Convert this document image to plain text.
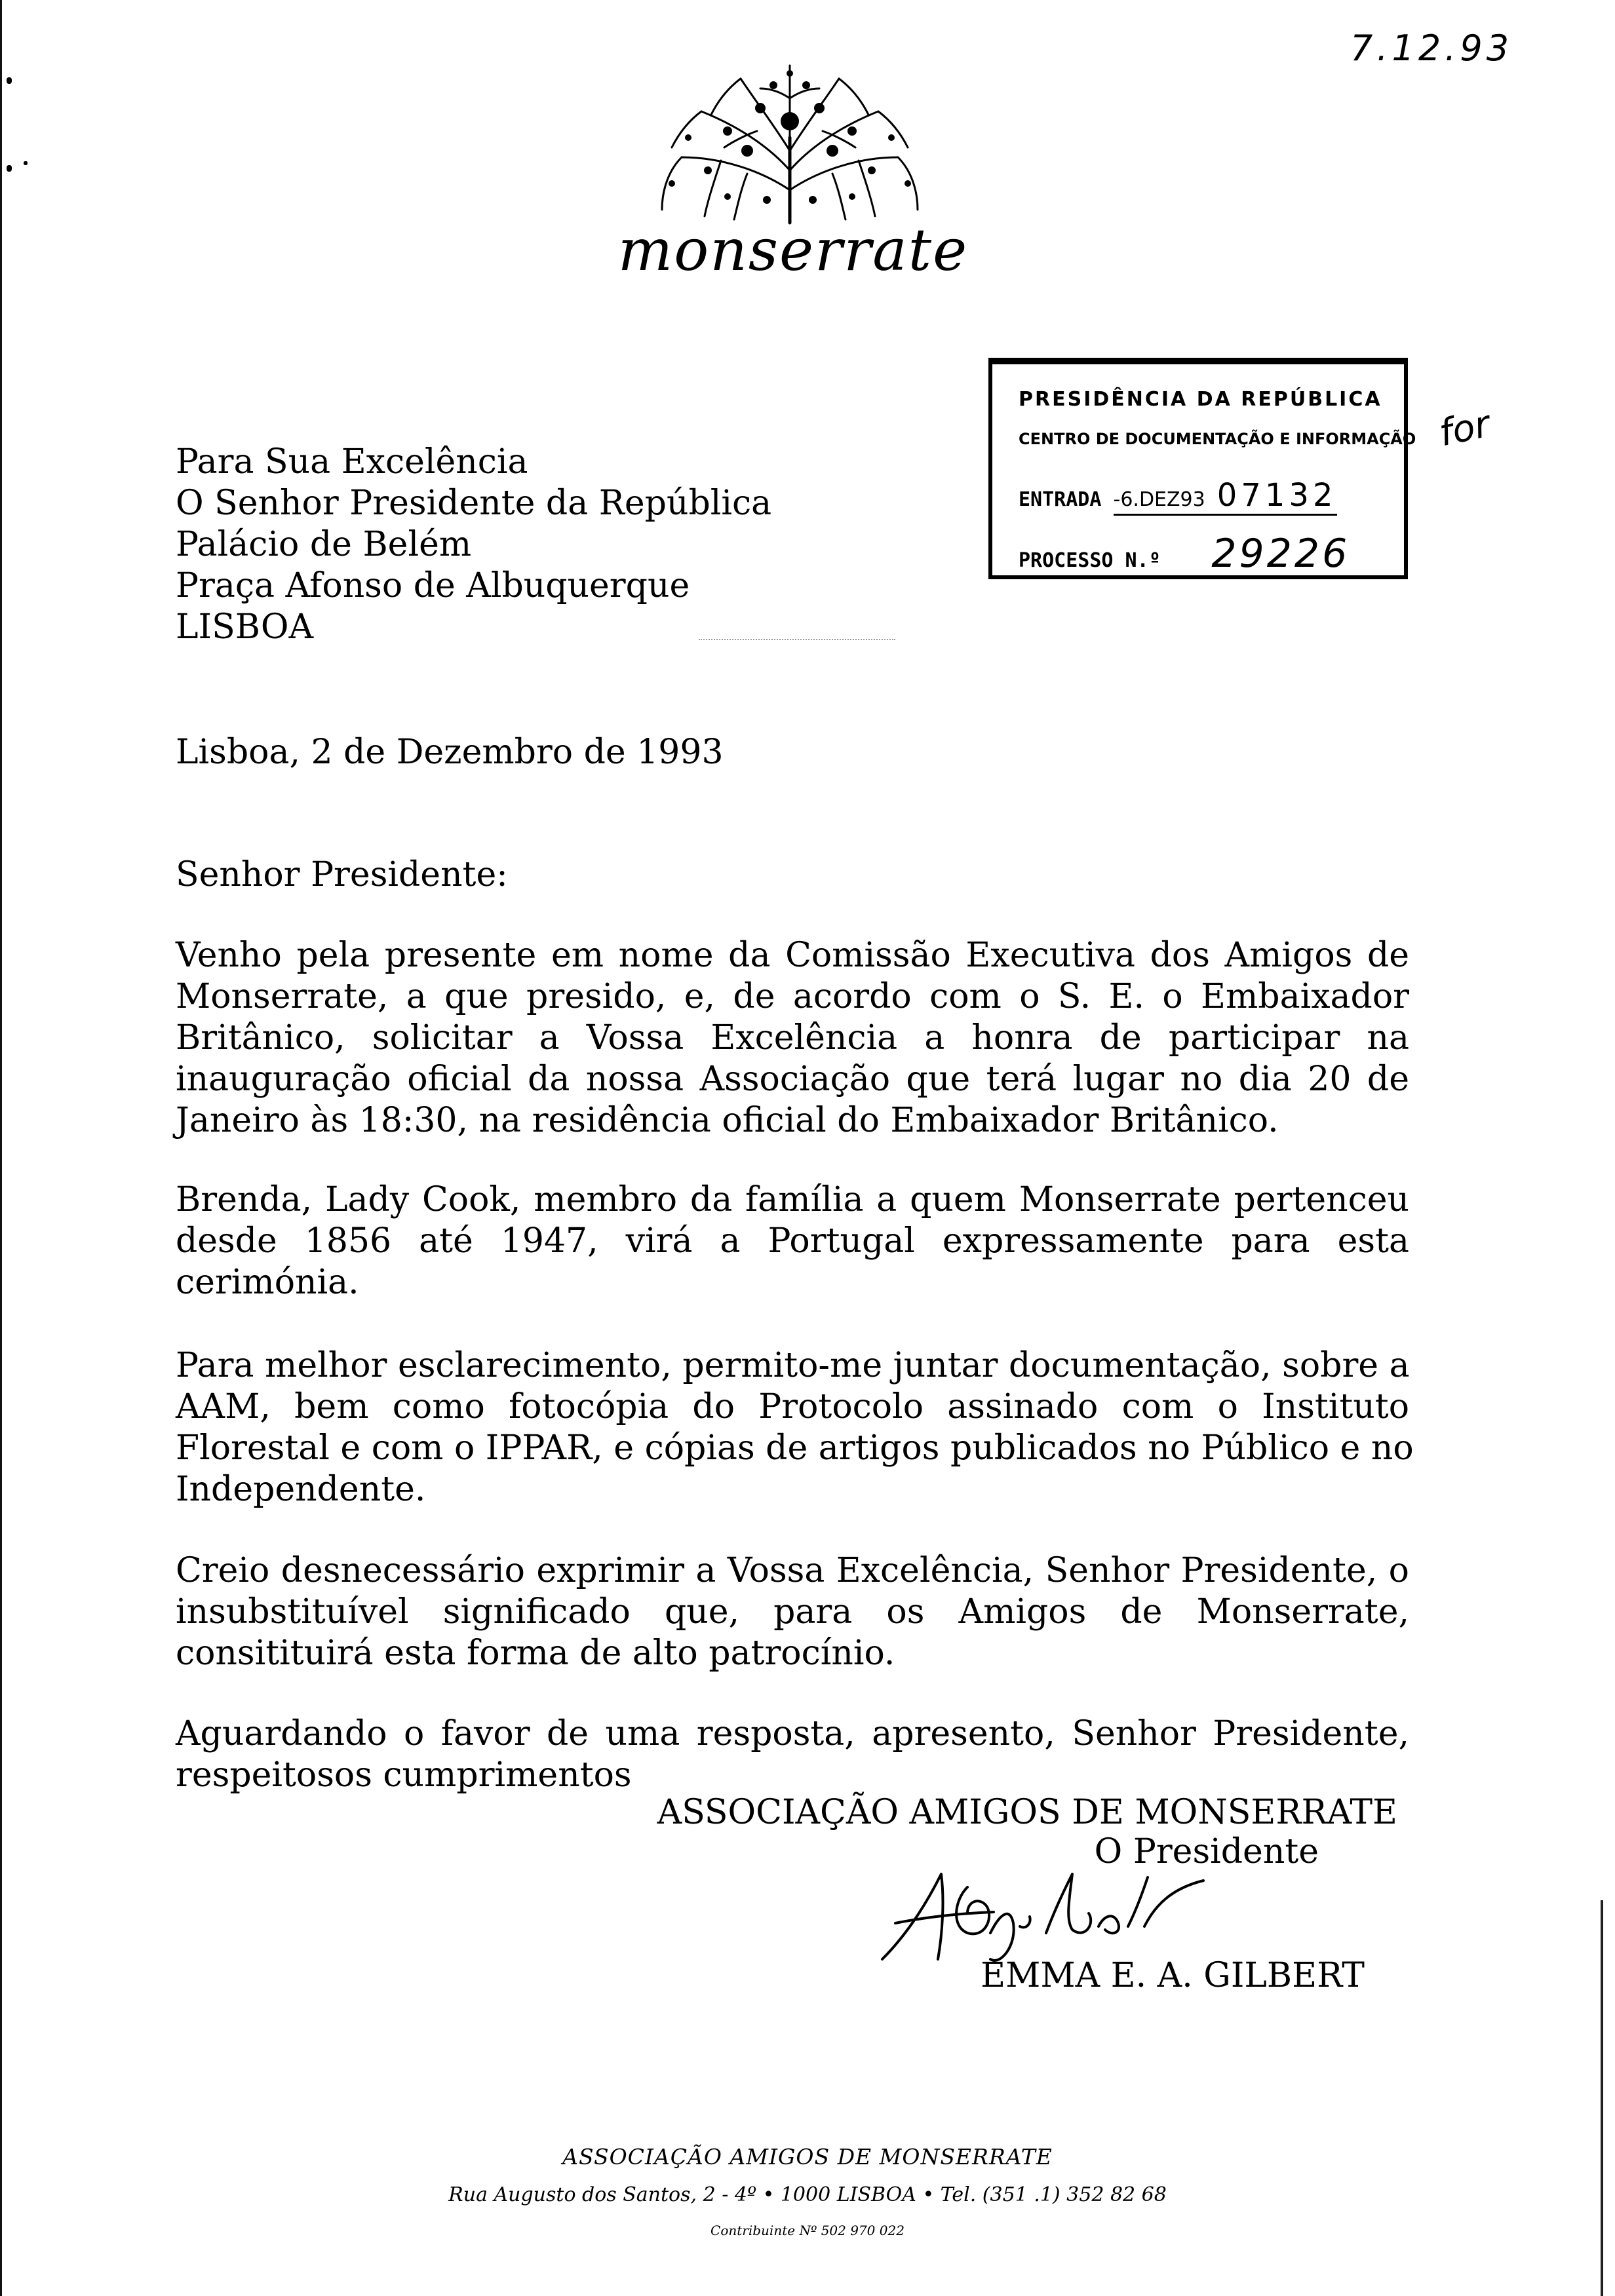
7.12.93
monserrate
PRESIDÊNCIA DA REPÚBLICA
CENTRO DE DOCUMENTAÇÃO E INFORMAÇÃO
ENTRADA -6.DEZ93 07132
PROCESSO N.º 29226
for
Para Sua Excelência
O Senhor Presidente da República
Palácio de Belém
Praça Afonso de Albuquerque
LISBOA
Lisboa, 2 de Dezembro de 1993
Senhor Presidente:
Venho pela presente em nome da Comissão Executiva dos Amigos de
Monserrate, a que presido, e, de acordo com o S. E. o Embaixador
Britânico, solicitar a Vossa Excelência a honra de participar na
inauguração oficial da nossa Associação que terá lugar no dia 20 de
Janeiro às 18:30, na residência oficial do Embaixador Britânico.
Brenda, Lady Cook, membro da família a quem Monserrate pertenceu
desde 1856 até 1947, virá a Portugal expressamente para esta
cerimónia.
Para melhor esclarecimento, permito-me juntar documentação, sobre a
AAM, bem como fotocópia do Protocolo assinado com o Instituto
Florestal e com o IPPAR, e cópias de artigos publicados no Público e no
Independente.
Creio desnecessário exprimir a Vossa Excelência, Senhor Presidente, o
insubstituível significado que, para os Amigos de Monserrate,
consitituirá esta forma de alto patrocínio.
Aguardando o favor de uma resposta, apresento, Senhor Presidente,
respeitosos cumprimentos
ASSOCIAÇÃO AMIGOS DE MONSERRATE
O Presidente
EMMA E. A. GILBERT
ASSOCIAÇÃO AMIGOS DE MONSERRATE
Rua Augusto dos Santos, 2 - 4º • 1000 LISBOA • Tel. (351 .1) 352 82 68
Contribuinte Nº 502 970 022
